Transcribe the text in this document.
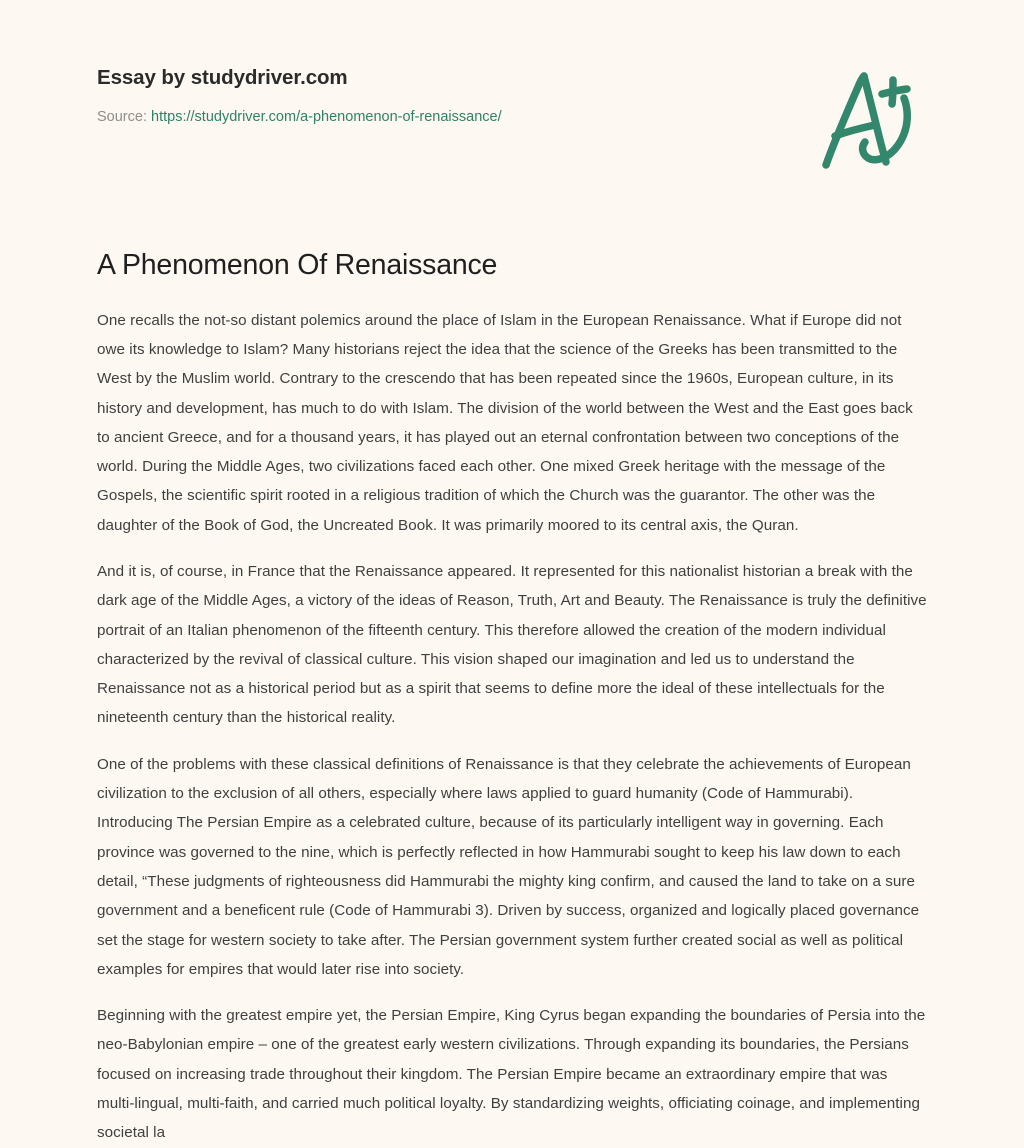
Essay by studydriver.com
Source: https://studydriver.com/a-phenomenon-of-renaissance/
A Phenomenon Of Renaissance

One recalls the not-so distant polemics around the place of Islam in the European Renaissance. What if Europe did not owe its knowledge to Islam? Many historians reject the idea that the science of the Greeks has been transmitted to the West by the Muslim world. Contrary to the crescendo that has been repeated since the 1960s, European culture, in its history and development, has much to do with Islam. The division of the world between the West and the East goes back to ancient Greece, and for a thousand years, it has played out an eternal confrontation between two conceptions of the world. During the Middle Ages, two civilizations faced each other. One mixed Greek heritage with the message of the Gospels, the scientific spirit rooted in a religious tradition of which the Church was the guarantor. The other was the daughter of the Book of God, the Uncreated Book. It was primarily moored to its central axis, the Quran.

And it is, of course, in France that the Renaissance appeared. It represented for this nationalist historian a break with the dark age of the Middle Ages, a victory of the ideas of Reason, Truth, Art and Beauty. The Renaissance is truly the definitive portrait of an Italian phenomenon of the fifteenth century. This therefore allowed the creation of the modern individual characterized by the revival of classical culture. This vision shaped our imagination and led us to understand the Renaissance not as a historical period but as a spirit that seems to define more the ideal of these intellectuals for the nineteenth century than the historical reality.

One of the problems with these classical definitions of Renaissance is that they celebrate the achievements of European civilization to the exclusion of all others, especially where laws applied to guard humanity (Code of Hammurabi). Introducing The Persian Empire as a celebrated culture, because of its particularly intelligent way in governing. Each province was governed to the nine, which is perfectly reflected in how Hammurabi sought to keep his law down to each detail, “These judgments of righteousness did Hammurabi the mighty king confirm, and caused the land to take on a sure government and a beneficent rule (Code of Hammurabi 3). Driven by success, organized and logically placed governance set the stage for western society to take after. The Persian government system further created social as well as political examples for empires that would later rise into society.

Beginning with the greatest empire yet, the Persian Empire, King Cyrus began expanding the boundaries of Persia into the neo-Babylonian empire – one of the greatest early western civilizations. Through expanding its boundaries, the Persians focused on increasing trade throughout their kingdom. The Persian Empire became an extraordinary empire that was multi-lingual, multi-faith, and carried much political loyalty. By standardizing weights, officiating coinage, and implementing societal la
